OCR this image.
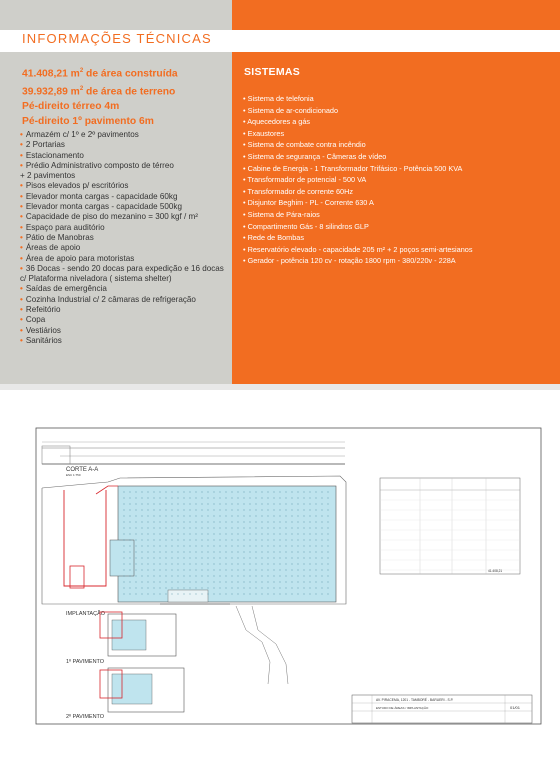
INFORMAÇÕES TÉCNICAS
41.408,21 $m^2$ de área construída
39.932,89 $m^2$ de área de terreno
Pé-direito térreo 4m
Pé-direito 1º pavimento 6m
• Armazém c/ 1º e 2º pavimentos
• 2 Portarias
• Estacionamento
• Prédio Administrativo composto de térreo
+ 2 pavimentos
• Pisos elevados p/ escritórios
• Elevador monta cargas - capacidade 60kg
• Elevador monta cargas - capacidade 500kg
• Capacidade de piso do mezanino = 300 kgf / m²
• Espaço para auditório
• Pátio de Manobras
• Áreas de apoio
• Área de apoio para motoristas
• 36 Docas - sendo 20 docas para expedição e 16 docas
c/ Plataforma niveladora ( sistema shelter)
• Saídas de emergência
• Cozinha Industrial c/ 2 câmaras de refrigeração
• Refeitório
• Copa
• Vestiários
• Sanitários
SISTEMAS
• Sistema de telefonia
• Sistema de ar-condicionado
• Aquecedores a gás
• Exaustores
• Sistema de combate contra incêndio
• Sistema de segurança - Câmeras de vídeo
• Cabine de Energia - 1 Transformador Trifásico - Potência 500 KVA
• Transformador de potencial - 500 VA
• Transformador de corrente 60Hz
• Disjuntor Beghim - PL - Corrente 630 A
• Sistema de Pára-raios
• Compartimento Gás - 8 silindros GLP
• Rede de Bombas
• Reservatório elevado - capacidade 205 m² + 2 poços semi-artesianos
• Gerador - potência 120 cv - rotação 1800 rpm - 380/220v - 228A
CORTE A-A
ESC 1:750
IMPLANTAÇÃO
1º PAVIMENTO
2º PAVIMENTO
41.408,21
AV. PIRACEMA, 1201 - TAMBORÉ - BARUERI - S.P.
ESTUDO DE ÁREAS / IMPLANTAÇÃO	01/01
